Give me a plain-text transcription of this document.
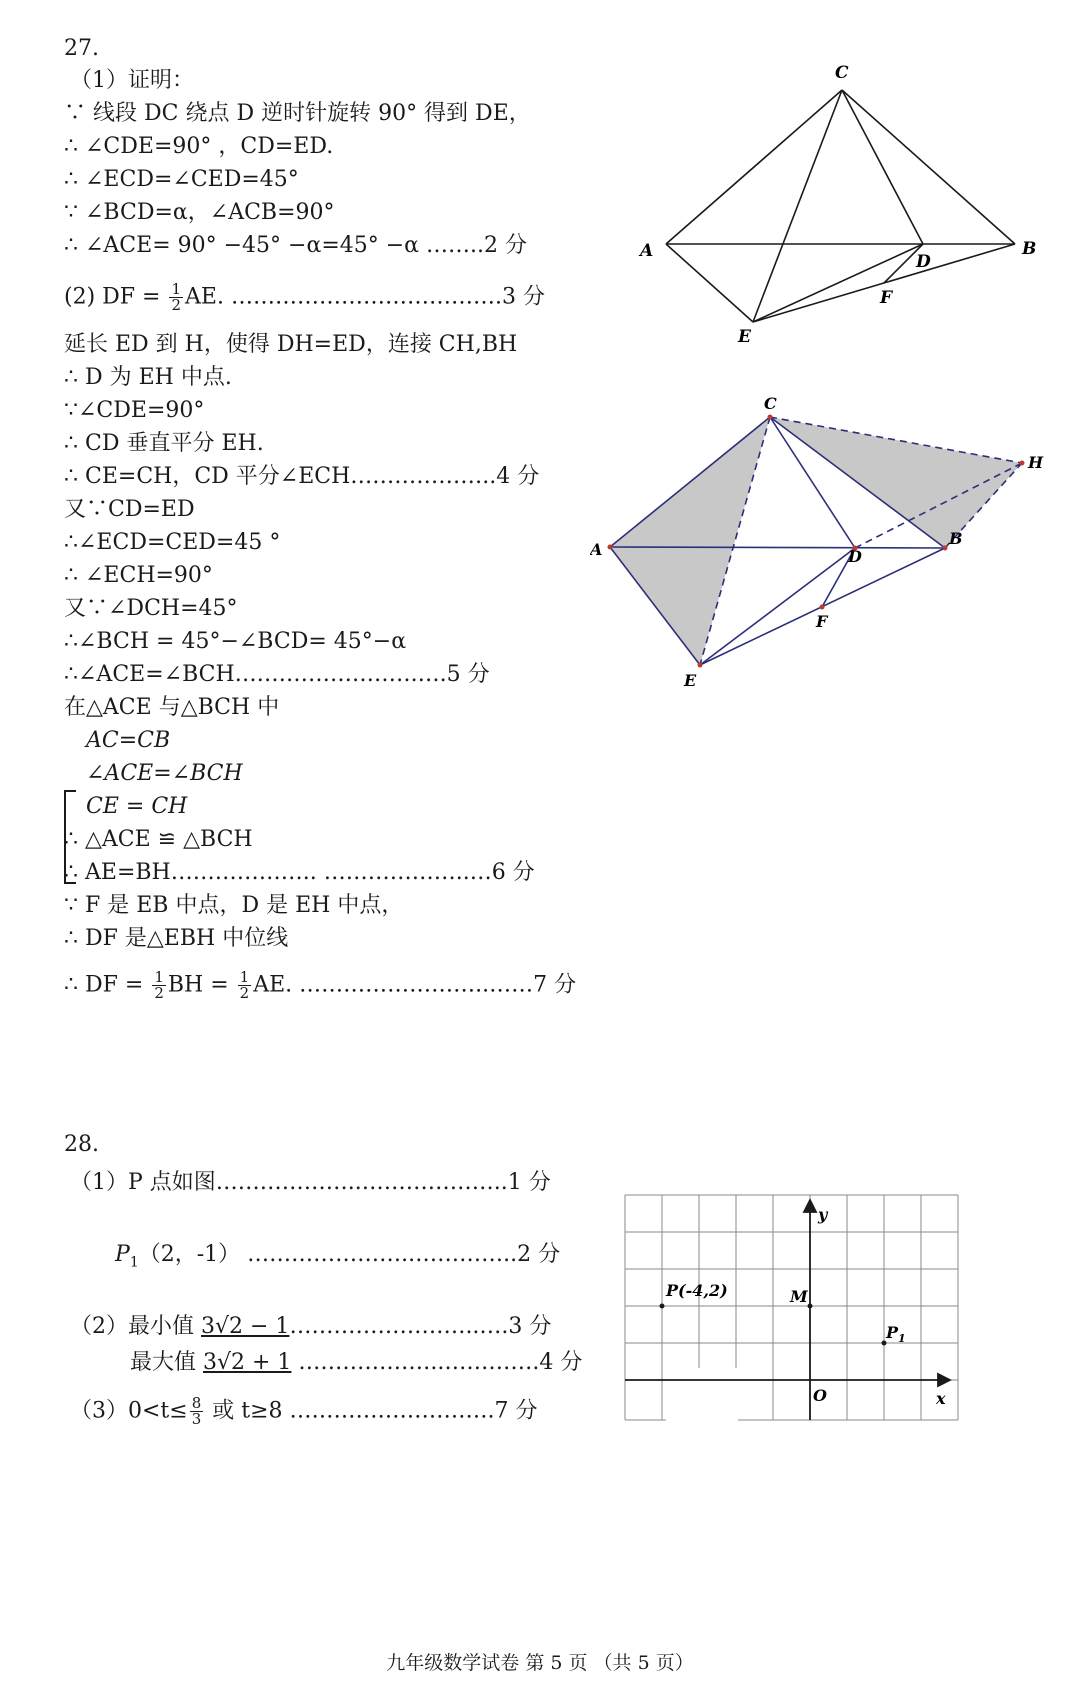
27.
（1）证明：
∵ 线段 DC 绕点 D 逆时针旋转 90° 得到 DE，
∴ ∠CDE=90° ，CD=ED.
∴ ∠ECD=∠CED=45°
∵ ∠BCD=α，∠ACB=90°
∴ ∠ACE= 90° −45° −α=45° −α ……..2 分
(2) DF = $\frac{1}{2}$ AE. ……………………………….3 分
延长 ED 到 H，使得 DH=ED，连接 CH,BH
∴ D 为 EH 中点.
∵∠CDE=90°
∴ CD 垂直平分 EH.
∴ CE=CH，CD 平分∠ECH………………..4 分
又∵CD=ED
∴∠ECD=CED=45 °
∴ ∠ECH=90°
又∵∠DCH=45°
∴∠BCH = 45°−∠BCD= 45°−α
∴∠ACE=∠BCH…………………….….5 分
在△ACE 与△BCH 中
AC=CB
∠ACE=∠BCH
CE = CH
∴ △ACE ≌ △BCH
∴ AE=BH……………….. ………………..…6 分
∵ F 是 EB 中点，D 是 EH 中点，
∴ DF 是△EBH 中位线
∴ DF = $\frac{1}{2}$ BH = $\frac{1}{2}$ AE. ……………………..……7 分
C
A	B
D
F
E
C
A
B
D
F
E
H
28.
（1）P 点如图………………..………………..1 分
$P_1(2$，-1） …………………..…………..2 分
（2）最小值 3√2 − 1……………………..….3 分
最大值 3√2 + 1 ………………..………….4 分
$(3)0<t\le \frac{8}{3}$ 或 t≥8 ……………………….7 分
y
x
O
M
P(-4,2)
P 1
九年级数学试卷 第 5 页 （共 5 页）
